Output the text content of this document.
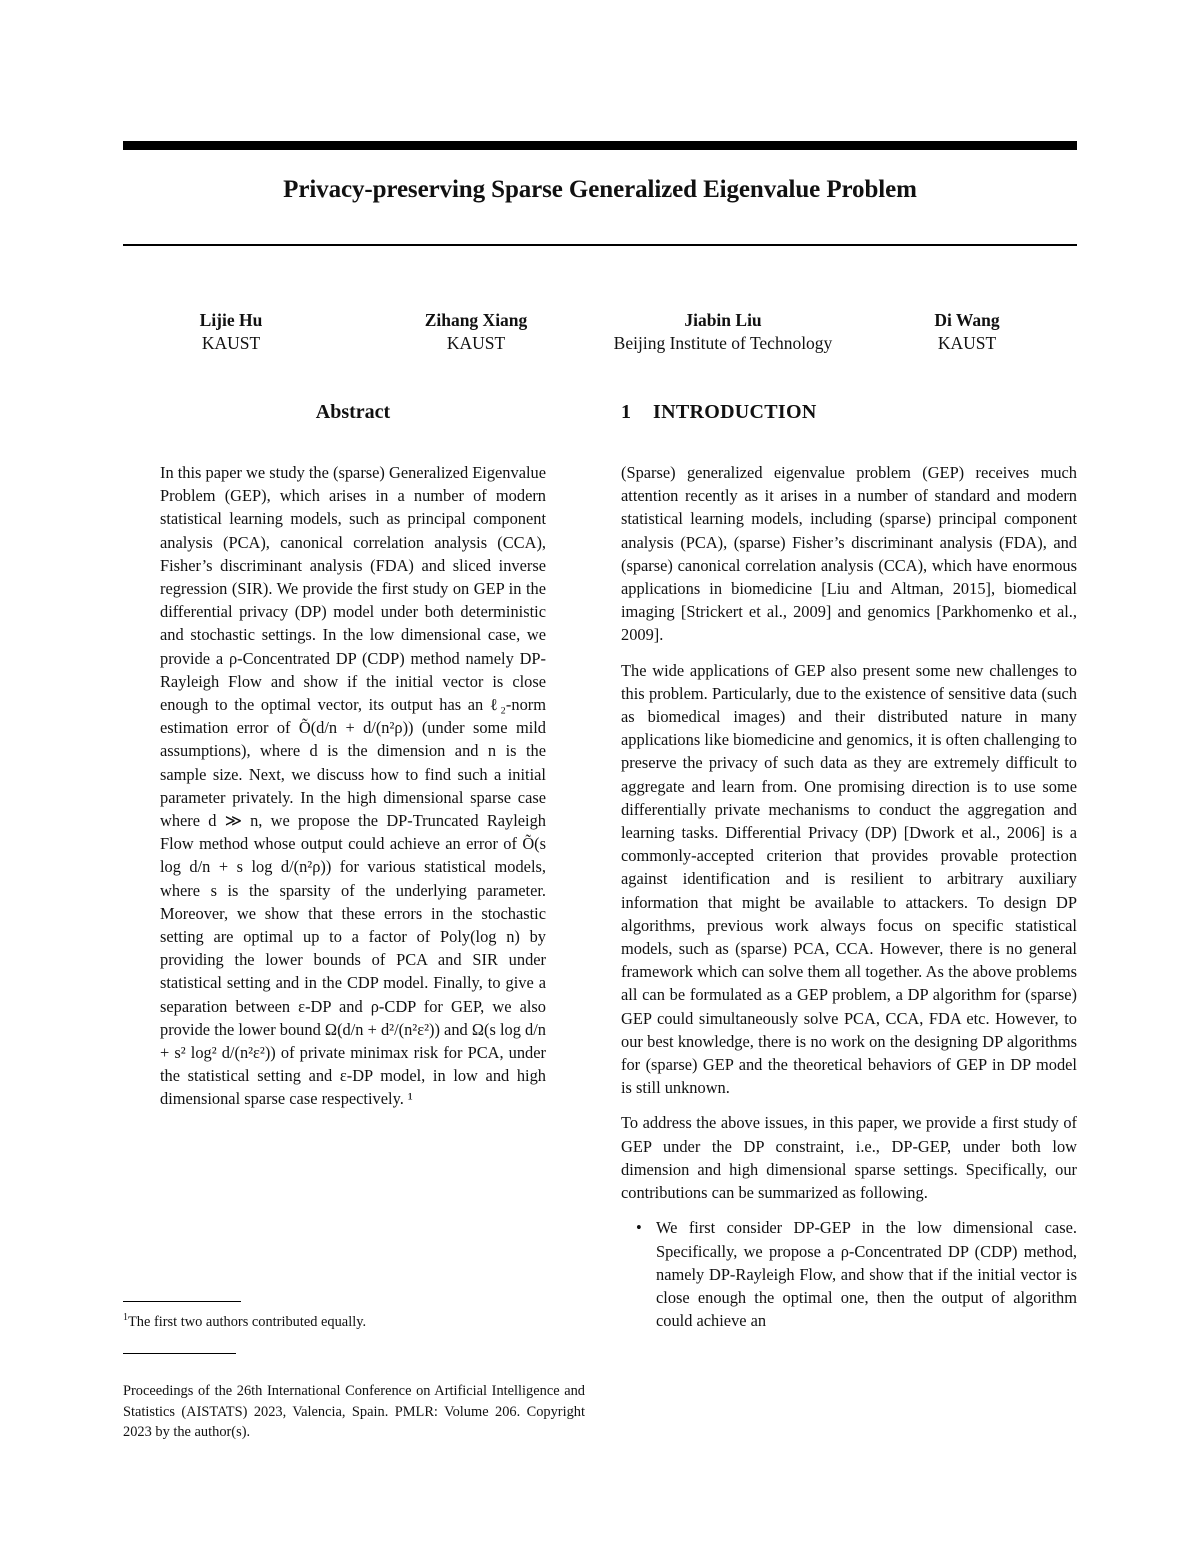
Privacy-preserving Sparse Generalized Eigenvalue Problem
Lijie Hu
KAUST
Zihang Xiang
KAUST
Jiabin Liu
Beijing Institute of Technology
Di Wang
KAUST
Abstract

In this paper we study the (sparse) Generalized Eigenvalue Problem (GEP), which arises in a number of modern statistical learning models, such as principal component analysis (PCA), canonical correlation analysis (CCA), Fisher’s discriminant analysis (FDA) and sliced inverse regression (SIR). We provide the first study on GEP in the differential privacy (DP) model under both deterministic and stochastic settings. In the low dimensional case, we provide a ρ-Concentrated DP (CDP) method namely DP-Rayleigh Flow and show if the initial vector is close enough to the optimal vector, its output has an ℓ₂-norm estimation error of Õ(d/n + d/(n²ρ)) (under some mild assumptions), where d is the dimension and n is the sample size. Next, we discuss how to find such a initial parameter privately. In the high dimensional sparse case where d ≫ n, we propose the DP-Truncated Rayleigh Flow method whose output could achieve an error of Õ(s log d/n + s log d/(n²ρ)) for various statistical models, where s is the sparsity of the underlying parameter. Moreover, we show that these errors in the stochastic setting are optimal up to a factor of Poly(log n) by providing the lower bounds of PCA and SIR under statistical setting and in the CDP model. Finally, to give a separation between ε-DP and ρ-CDP for GEP, we also provide the lower bound Ω(d/n + d²/(n²ε²)) and Ω(s log d/n + s² log² d/(n²ε²)) of private minimax risk for PCA, under the statistical setting and ε-DP model, in low and high dimensional sparse case respectively. ¹

$^1$The first two authors contributed equally.
Proceedings of the 26th International Conference on Artificial Intelligence and Statistics (AISTATS) 2023, Valencia, Spain. PMLR: Volume 206. Copyright 2023 by the author(s).
1 INTRODUCTION

(Sparse) generalized eigenvalue problem (GEP) receives much attention recently as it arises in a number of standard and modern statistical learning models, including (sparse) principal component analysis (PCA), (sparse) Fisher’s discriminant analysis (FDA), and (sparse) canonical correlation analysis (CCA), which have enormous applications in biomedicine [Liu and Altman, 2015], biomedical imaging [Strickert et al., 2009] and genomics [Parkhomenko et al., 2009].

The wide applications of GEP also present some new challenges to this problem. Particularly, due to the existence of sensitive data (such as biomedical images) and their distributed nature in many applications like biomedicine and genomics, it is often challenging to preserve the privacy of such data as they are extremely difficult to aggregate and learn from. One promising direction is to use some differentially private mechanisms to conduct the aggregation and learning tasks. Differential Privacy (DP) [Dwork et al., 2006] is a commonly-accepted criterion that provides provable protection against identification and is resilient to arbitrary auxiliary information that might be available to attackers. To design DP algorithms, previous work always focus on specific statistical models, such as (sparse) PCA, CCA. However, there is no general framework which can solve them all together. As the above problems all can be formulated as a GEP problem, a DP algorithm for (sparse) GEP could simultaneously solve PCA, CCA, FDA etc. However, to our best knowledge, there is no work on the designing DP algorithms for (sparse) GEP and the theoretical behaviors of GEP in DP model is still unknown.

To address the above issues, in this paper, we provide a first study of GEP under the DP constraint, i.e., DP-GEP, under both low dimension and high dimensional sparse settings. Specifically, our contributions can be summarized as following.

• We first consider DP-GEP in the low dimensional case. Specifically, we propose a ρ-Concentrated DP (CDP) method, namely DP-Rayleigh Flow, and show that if the initial vector is close enough the optimal one, then the output of algorithm could achieve an
